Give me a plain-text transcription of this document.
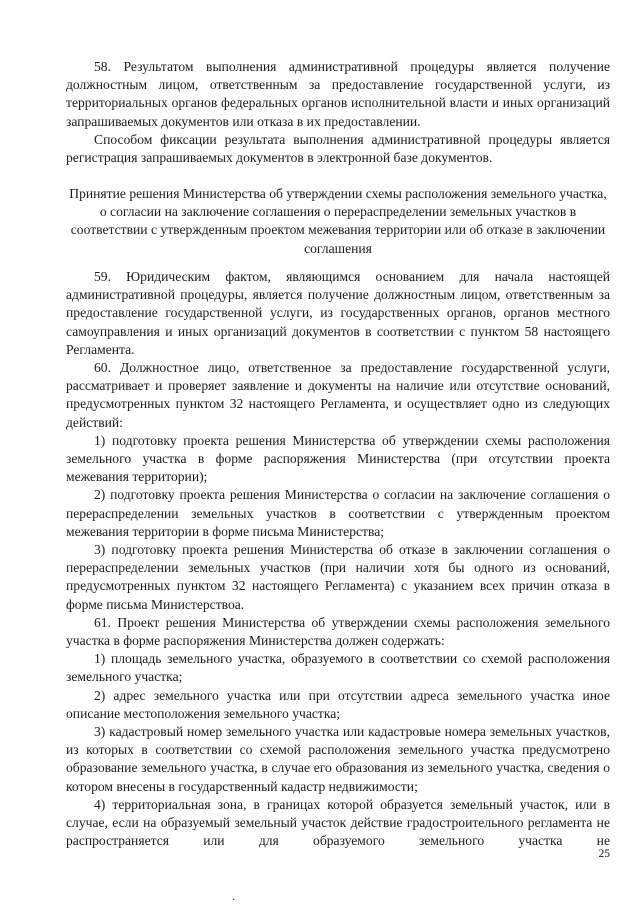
58. Результатом выполнения административной процедуры является получение должностным лицом, ответственным за предоставление государственной услуги, из территориальных органов федеральных органов исполнительной власти и иных организаций запрашиваемых документов или отказа в их предоставлении.

Способом фиксации результата выполнения административной процедуры является регистрация запрашиваемых документов в электронной базе документов.

Принятие решения Министерства об утверждении схемы расположения земельного участка, о согласии на заключение соглашения о перераспределении земельных участков в соответствии с утвержденным проектом межевания территории или об отказе в заключении соглашения

59. Юридическим фактом, являющимся основанием для начала настоящей административной процедуры, является получение должностным лицом, ответственным за предоставление государственной услуги, из государственных органов, органов местного самоуправления и иных организаций документов в соответствии с пунктом 58 настоящего Регламента.

60. Должностное лицо, ответственное за предоставление государственной услуги, рассматривает и проверяет заявление и документы на наличие или отсутствие оснований, предусмотренных пунктом 32 настоящего Регламента, и осуществляет одно из следующих действий:

1) подготовку проекта решения Министерства об утверждении схемы расположения земельного участка в форме распоряжения Министерства (при отсутствии проекта межевания территории);

2) подготовку проекта решения Министерства о согласии на заключение соглашения о перераспределении земельных участков в соответствии с утвержденным проектом межевания территории в форме письма Министерства;

3) подготовку проекта решения Министерства об отказе в заключении соглашения о перераспределении земельных участков (при наличии хотя бы одного из оснований, предусмотренных пунктом 32 настоящего Регламента) с указанием всех причин отказа в форме письма Министерствоа.

61. Проект решения Министерства об утверждении схемы расположения земельного участка в форме распоряжения Министерства должен содержать:

1) площадь земельного участка, образуемого в соответствии со схемой расположения земельного участка;

2) адрес земельного участка или при отсутствии адреса земельного участка иное описание местоположения земельного участка;

3) кадастровый номер земельного участка или кадастровые номера земельных участков, из которых в соответствии со схемой расположения земельного участка предусмотрено образование земельного участка, в случае его образования из земельного участка, сведения о котором внесены в государственный кадастр недвижимости;

4) территориальная зона, в границах которой образуется земельный участок, или в случае, если на образуемый земельный участок действие градостроительного регламента не распространяется или для образуемого земельного участка не

25
·
